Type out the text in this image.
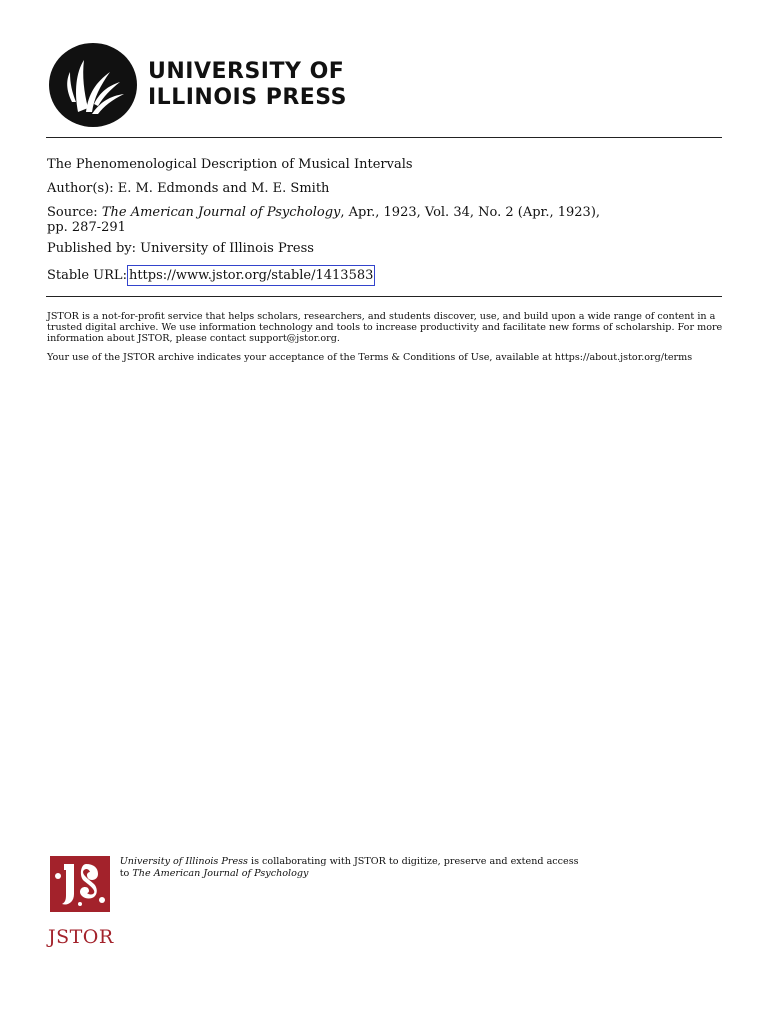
UNIVERSITY OF
ILLINOIS PRESS
The Phenomenological Description of Musical Intervals
Author(s): E. M. Edmonds and M. E. Smith
Source: The American Journal of Psychology, Apr., 1923, Vol. 34, No. 2 (Apr., 1923),
pp. 287-291
Published by: University of Illinois Press
Stable URL: https://www.jstor.org/stable/1413583
JSTOR is a not-for-profit service that helps scholars, researchers, and students discover, use, and build upon a wide range of content in a trusted digital archive. We use information technology and tools to increase productivity and facilitate new forms of scholarship. For more information about JSTOR, please contact support@jstor.org.
Your use of the JSTOR archive indicates your acceptance of the Terms & Conditions of Use, available at https://about.jstor.org/terms
JSTOR
University of Illinois Press is collaborating with JSTOR to digitize, preserve and extend access
to The American Journal of Psychology
